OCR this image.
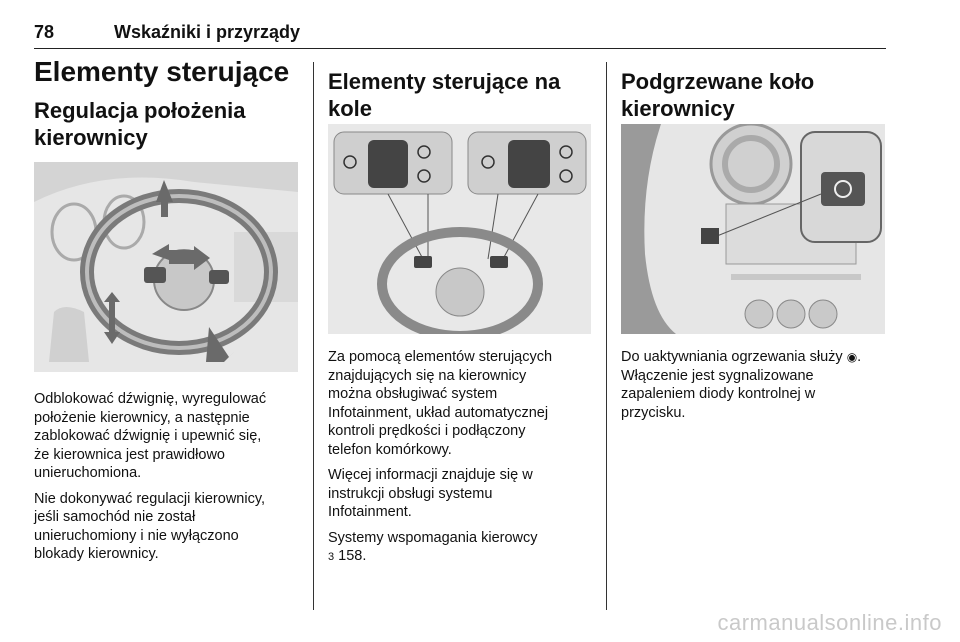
78	Wskaźniki i przyrządy
Elementy sterujące
Regulacja położenia
kierownicy

Odblokować dźwignię, wyregulować

położenie kierownicy, a następnie

zablokować dźwignię i upewnić się,

że kierownica jest prawidłowo

unieruchomiona.

Nie dokonywać regulacji kierownicy,

jeśli samochód nie został

unieruchomiony i nie wyłączono

blokady kierownicy.

Elementy sterujące na kole

Za pomocą elementów sterujących

znajdujących się na kierownicy

można obsługiwać system

Infotainment, układ automatycznej

kontroli prędkości i podłączony

telefon komórkowy.

Więcej informacji znajduje się w

instrukcji obsługi systemu

Infotainment.

Systemy wspomagania kierowcy

3 158.

Podgrzewane koło
kierownicy

Do uaktywniania ogrzewania służy ◉.

Włączenie jest sygnalizowane

zapaleniem diody kontrolnej w

przycisku.

carmanualsonline.info
